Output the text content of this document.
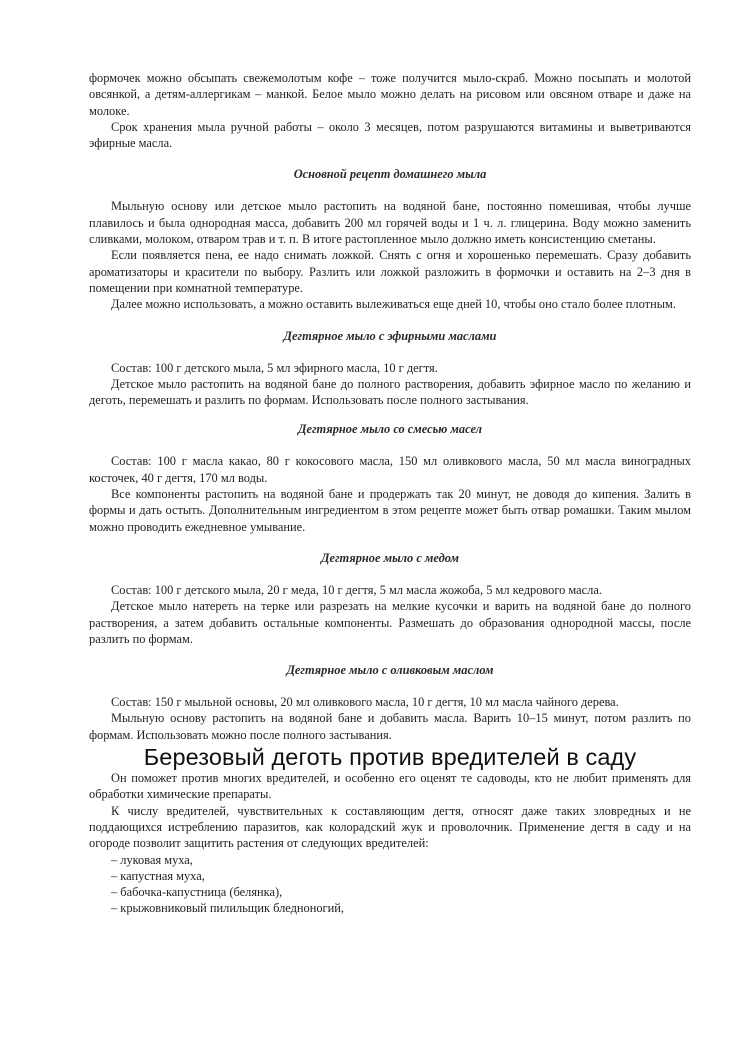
формочек можно обсыпать свежемолотым кофе – тоже получится мыло-скраб. Можно посыпать и молотой овсянкой, а детям-аллергикам – манкой. Белое мыло можно делать на рисовом или овсяном отваре и даже на молоке.

Срок хранения мыла ручной работы – около 3 месяцев, потом разрушаются витамины и выветриваются эфирные масла.

Основной рецепт домашнего мыла

Мыльную основу или детское мыло растопить на водяной бане, постоянно помешивая, чтобы лучше плавилось и была однородная масса, добавить 200 мл горячей воды и 1 ч. л. глицерина. Воду можно заменить сливками, молоком, отваром трав и т. п. В итоге растопленное мыло должно иметь консистенцию сметаны.

Если появляется пена, ее надо снимать ложкой. Снять с огня и хорошенько перемешать. Сразу добавить ароматизаторы и красители по выбору. Разлить или ложкой разложить в формочки и оставить на 2–3 дня в помещении при комнатной температуре.

Далее можно использовать, а можно оставить вылеживаться еще дней 10, чтобы оно стало более плотным.

Дегтярное мыло с эфирными маслами

Состав: 100 г детского мыла, 5 мл эфирного масла, 10 г дегтя.

Детское мыло растопить на водяной бане до полного растворения, добавить эфирное масло по желанию и деготь, перемешать и разлить по формам. Использовать после полного застывания.

Дегтярное мыло со смесью масел

Состав: 100 г масла какао, 80 г кокосового масла, 150 мл оливкового масла, 50 мл масла виноградных косточек, 40 г дегтя, 170 мл воды.

Все компоненты растопить на водяной бане и продержать так 20 минут, не доводя до кипения. Залить в формы и дать остыть. Дополнительным ингредиентом в этом рецепте может быть отвар ромашки. Таким мылом можно проводить ежедневное умывание.

Дегтярное мыло с медом

Состав: 100 г детского мыла, 20 г меда, 10 г дегтя, 5 мл масла жожоба, 5 мл кедрового масла.

Детское мыло натереть на терке или разрезать на мелкие кусочки и варить на водяной бане до полного растворения, а затем добавить остальные компоненты. Размешать до образования однородной массы, после разлить по формам.

Дегтярное мыло с оливковым маслом

Состав: 150 г мыльной основы, 20 мл оливкового масла, 10 г дегтя, 10 мл масла чайного дерева.

Мыльную основу растопить на водяной бане и добавить масла. Варить 10–15 минут, потом разлить по формам. Использовать можно после полного застывания.

Березовый деготь против вредителей в саду

Он поможет против многих вредителей, и особенно его оценят те садоводы, кто не любит применять для обработки химические препараты.

К числу вредителей, чувствительных к составляющим дегтя, относят даже таких зловредных и не поддающихся истреблению паразитов, как колорадский жук и проволочник. Применение дегтя в саду и на огороде позволит защитить растения от следующих вредителей:

– луковая муха,
– капустная муха,
– бабочка-капустница (белянка),
– крыжовниковый пилильщик бледноногий,
